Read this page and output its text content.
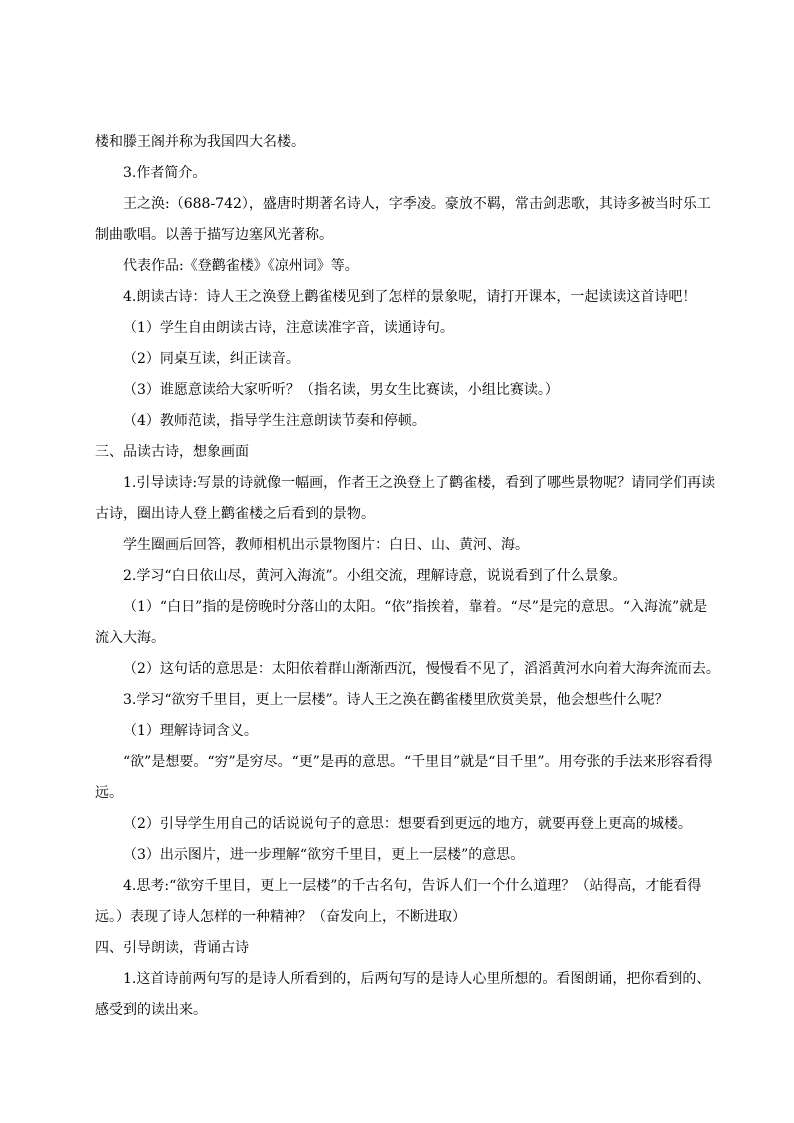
楼和滕王阁并称为我国四大名楼。

3.作者简介。

王之涣:（688-742），盛唐时期著名诗人，字季凌。豪放不羁，常击剑悲歌，其诗多被当时乐工制曲歌唱。以善于描写边塞风光著称。

代表作品:《登鹳雀楼》《凉州词》等。

4.朗读古诗：诗人王之涣登上鹳雀楼见到了怎样的景象呢，请打开课本，一起读读这首诗吧！

（1）学生自由朗读古诗，注意读准字音，读通诗句。

（2）同桌互读，纠正读音。

（3）谁愿意读给大家听听？（指名读，男女生比赛读，小组比赛读。）

（4）教师范读，指导学生注意朗读节奏和停顿。

三、品读古诗，想象画面

1.引导读诗:写景的诗就像一幅画，作者王之涣登上了鹳雀楼，看到了哪些景物呢？请同学们再读古诗，圈出诗人登上鹳雀楼之后看到的景物。

学生圈画后回答，教师相机出示景物图片：白日、山、黄河、海。

2.学习“白日依山尽，黄河入海流”。小组交流，理解诗意，说说看到了什么景象。

（1）“白日”指的是傍晚时分落山的太阳。“依”指挨着，靠着。“尽”是完的意思。“入海流”就是流入大海。

（2）这句话的意思是：太阳依着群山渐渐西沉，慢慢看不见了，滔滔黄河水向着大海奔流而去。

3.学习“欲穷千里目，更上一层楼”。诗人王之涣在鹳雀楼里欣赏美景，他会想些什么呢？

（1）理解诗词含义。

“欲”是想要。“穷”是穷尽。“更”是再的意思。“千里目”就是“目千里”。用夸张的手法来形容看得远。

（2）引导学生用自己的话说说句子的意思：想要看到更远的地方，就要再登上更高的城楼。

（3）出示图片，进一步理解“欲穷千里目，更上一层楼”的意思。

4.思考:“欲穷千里目，更上一层楼”的千古名句，告诉人们一个什么道理？（站得高，才能看得远。）表现了诗人怎样的一种精神？（奋发向上，不断进取）

四、引导朗读，背诵古诗

1.这首诗前两句写的是诗人所看到的，后两句写的是诗人心里所想的。看图朗诵，把你看到的、感受到的读出来。
